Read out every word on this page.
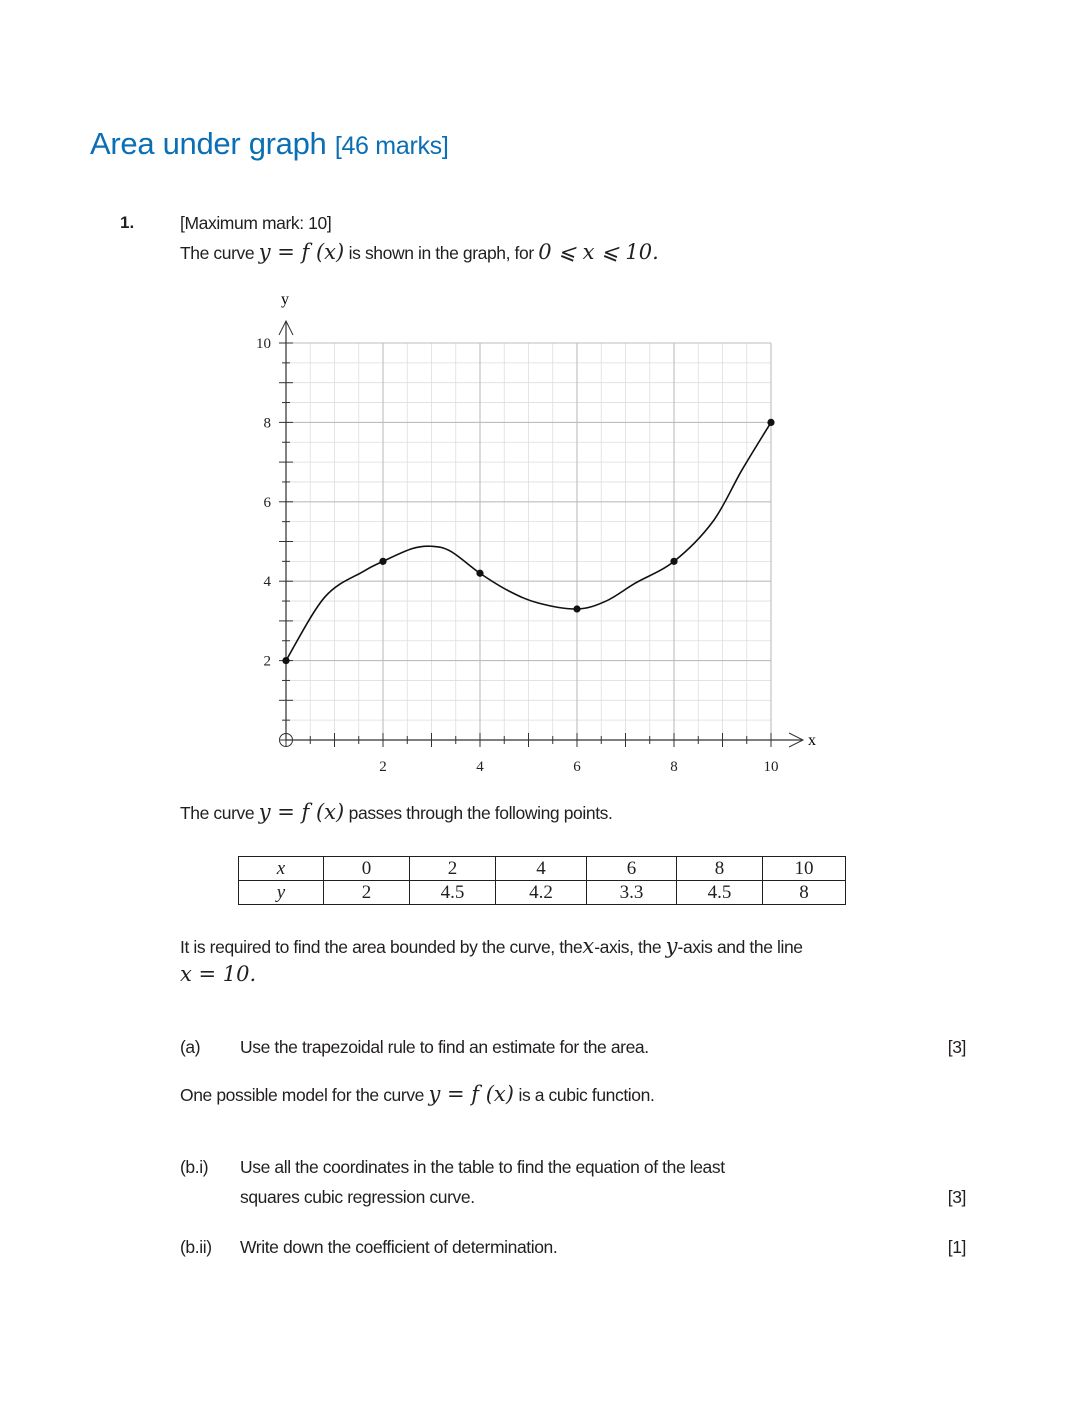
Area under graph [46 marks]
1.	[Maximum mark: 10]
The curve y = f (x) is shown in the graph, for 0 ⩽ x ⩽ 10.
2	4	6	8	10
2
4
6
8
10
x
y
The curve y = f (x) passes through the following points.
x	0	2	4	6	8	10
y	2	4.5	4.2	3.3	4.5	8
It is required to find the area bounded by the curve, thex-axis, the y-axis and the line
x = 10.
(a) Use the trapezoidal rule to find an estimate for the area.	[3]
One possible model for the curve y = f (x) is a cubic function.
(b.i) Use all the coordinates in the table to find the equation of the least
squares cubic regression curve.	[3]
(b.ii) Write down the coefficient of determination.	[1]
